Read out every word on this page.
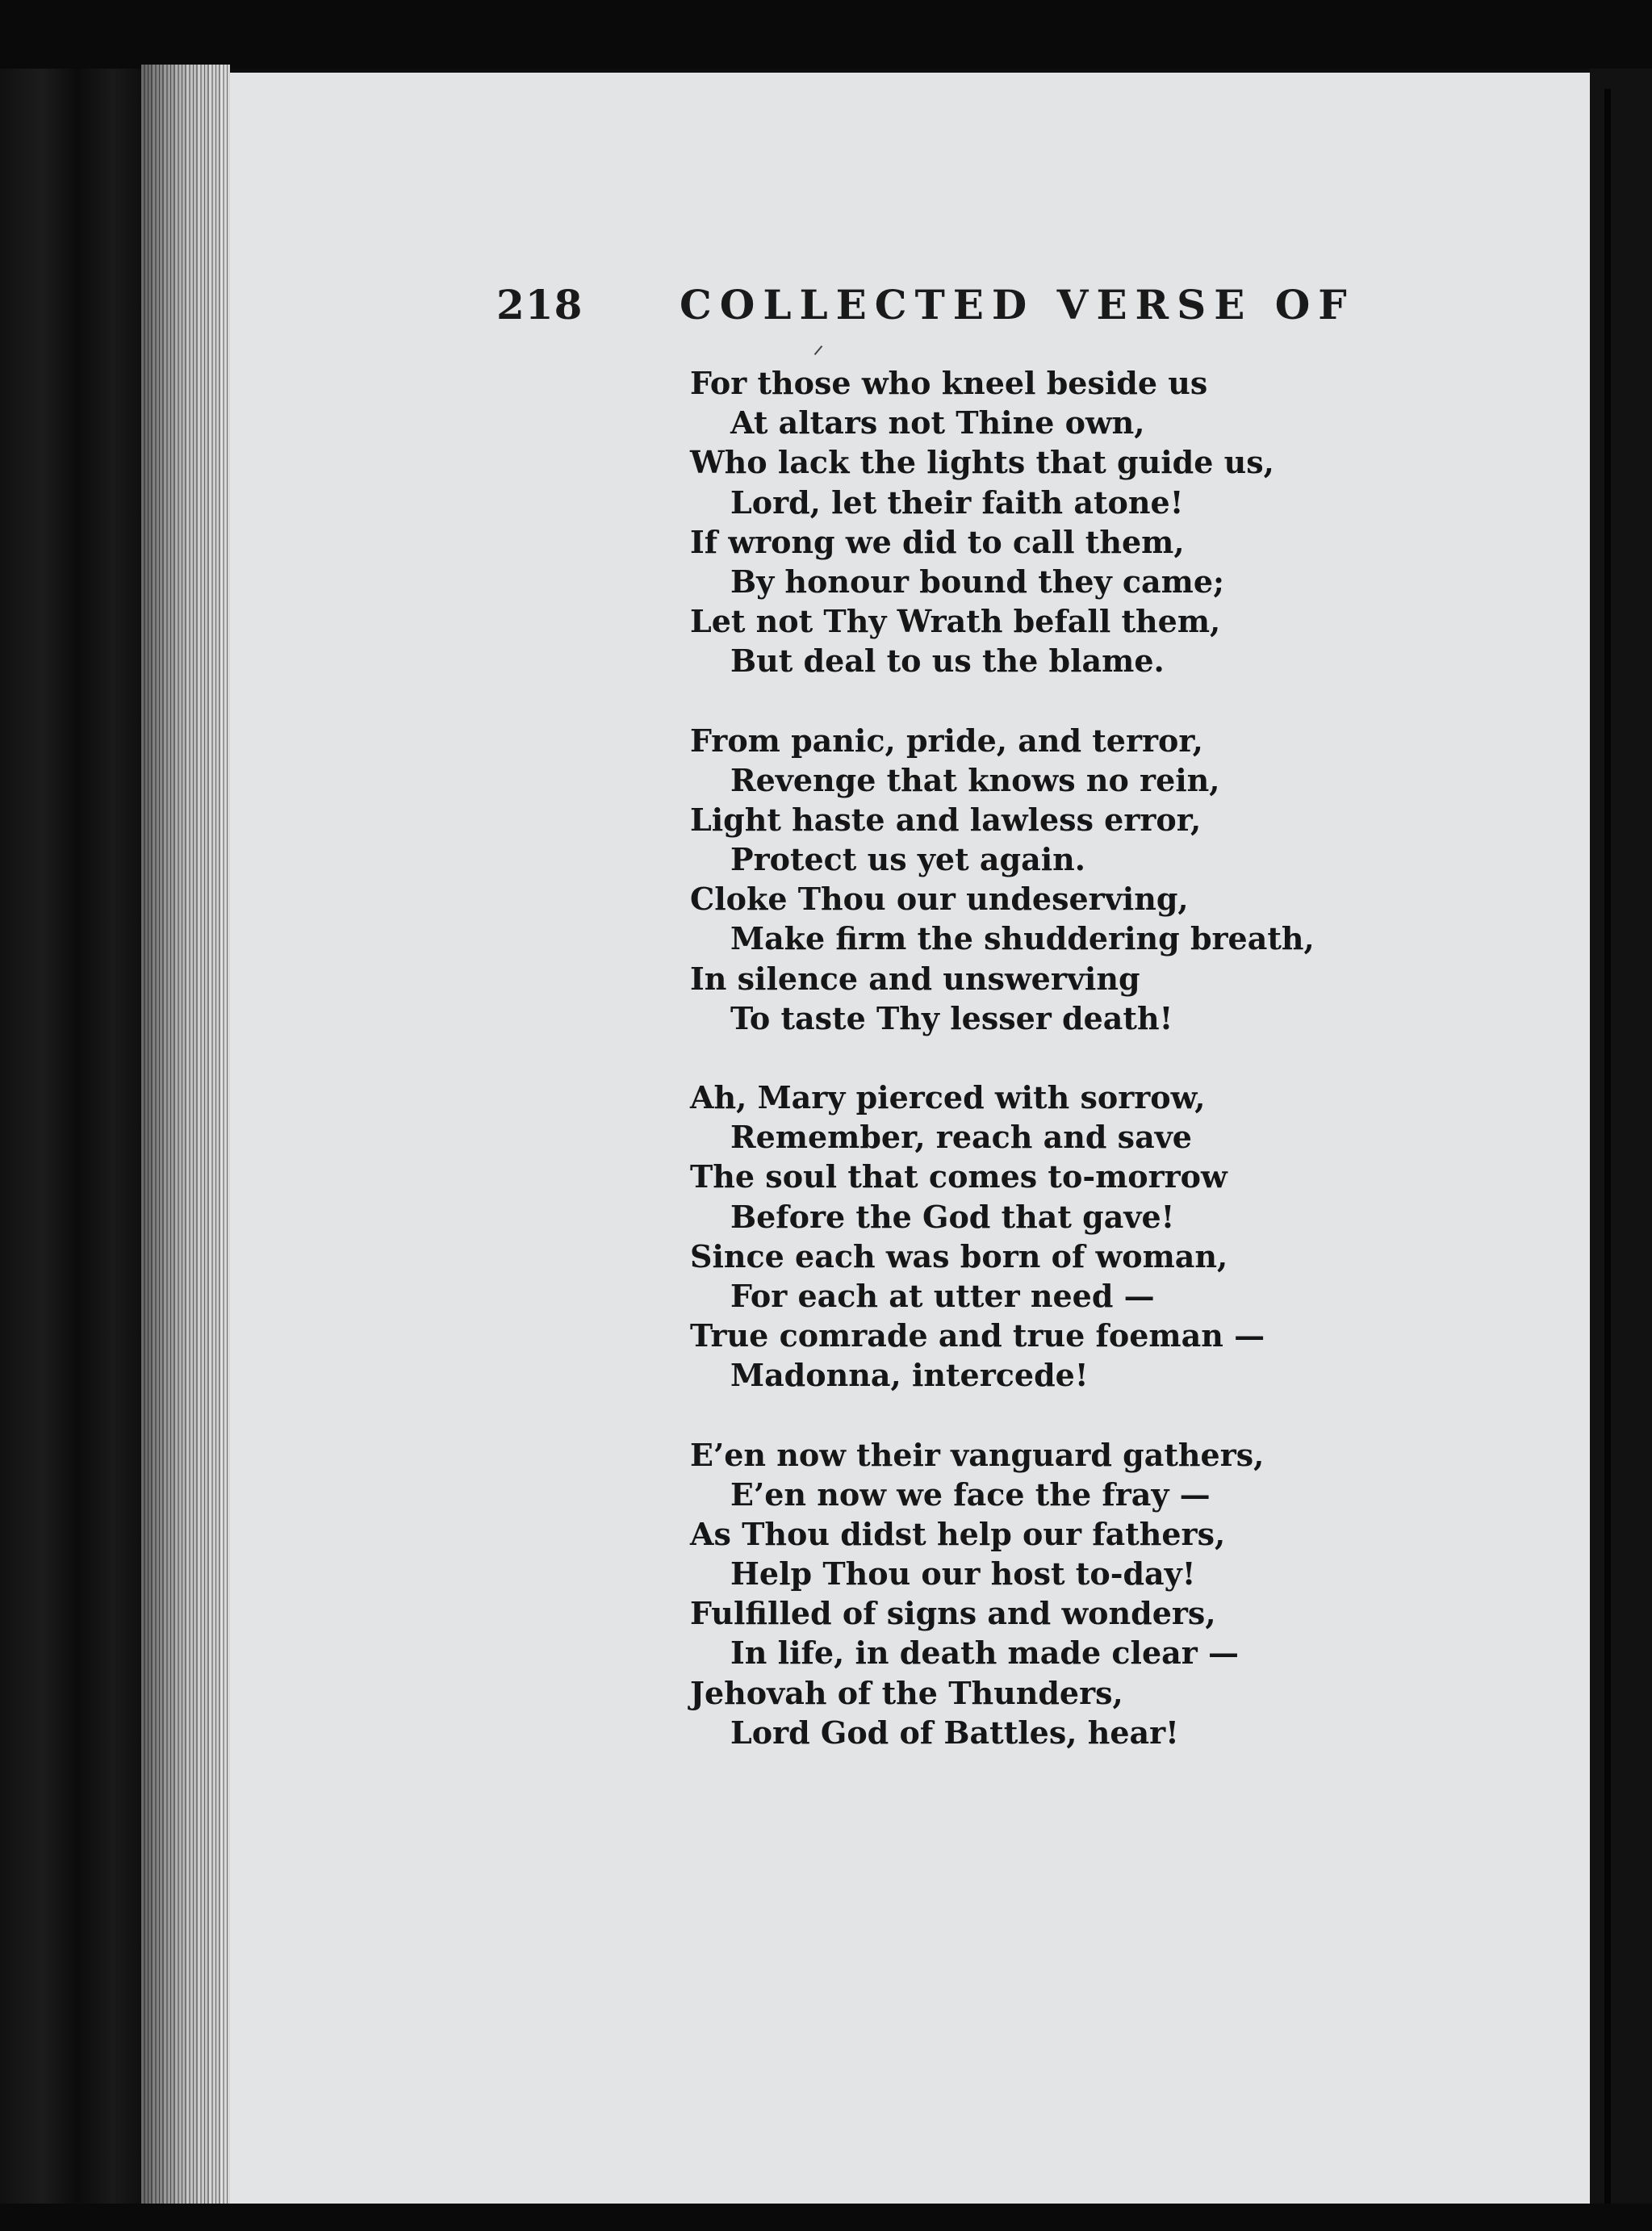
218 COLLECTED VERSE OF
For those who kneel beside us
At altars not Thine own,
Who lack the lights that guide us,
Lord, let their faith atone!
If wrong we did to call them,
By honour bound they came;
Let not Thy Wrath befall them,
But deal to us the blame.
From panic, pride, and terror,
Revenge that knows no rein,
Light haste and lawless error,
Protect us yet again.
Cloke Thou our undeserving,
Make firm the shuddering breath,
In silence and unswerving
To taste Thy lesser death!
Ah, Mary pierced with sorrow,
Remember, reach and save
The soul that comes to-morrow
Before the God that gave!
Since each was born of woman,
For each at utter need —
True comrade and true foeman —
Madonna, intercede!
E’en now their vanguard gathers,
E’en now we face the fray —
As Thou didst help our fathers,
Help Thou our host to-day!
Fulfilled of signs and wonders,
In life, in death made clear —
Jehovah of the Thunders,
Lord God of Battles, hear!
